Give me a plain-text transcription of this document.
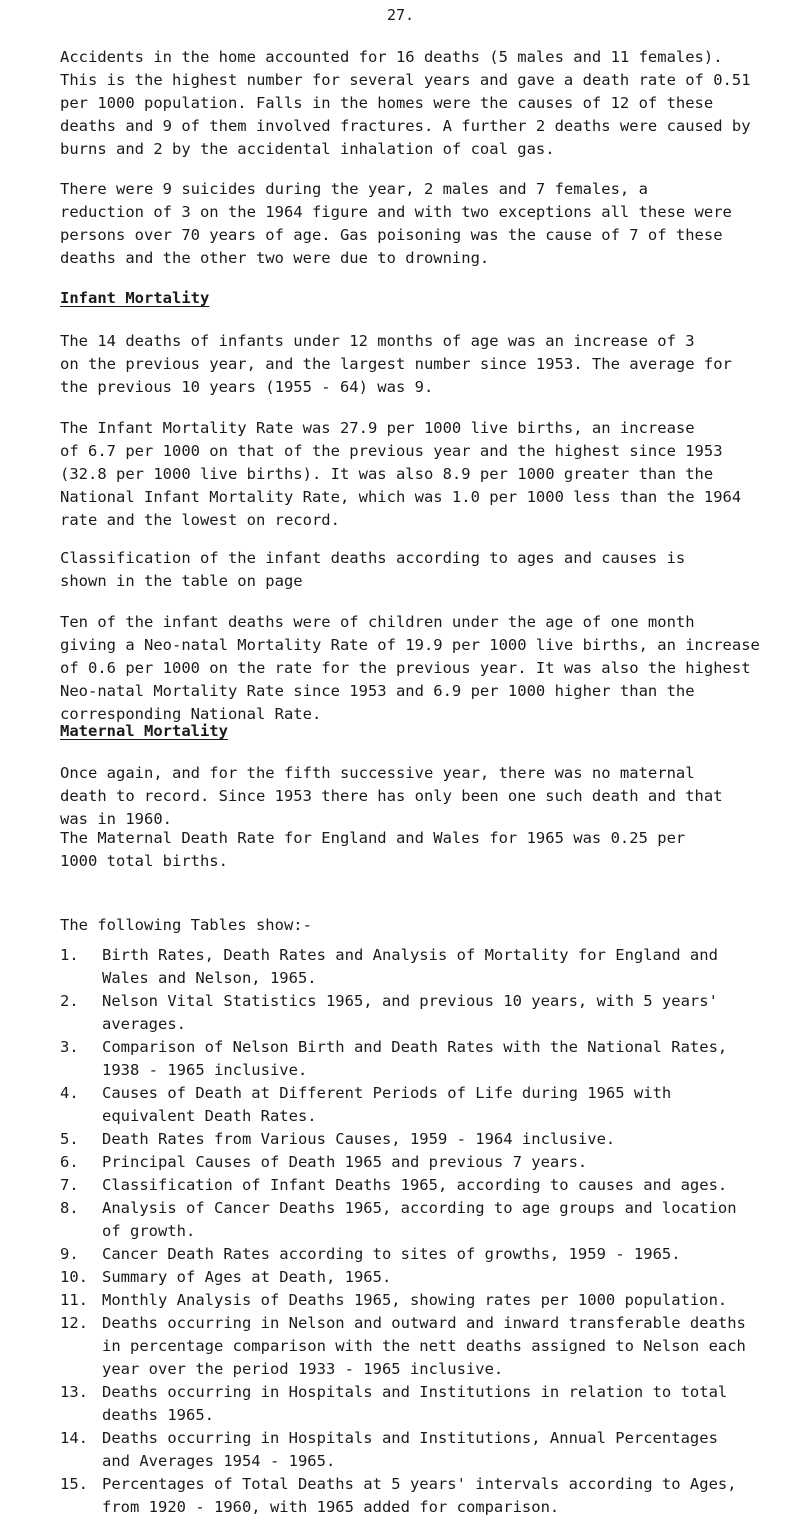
27.

Accidents in the home accounted for 16 deaths (5 males and 11 females).
This is the highest number for several years and gave a death rate of 0.51
per 1000 population. Falls in the homes were the causes of 12 of these
deaths and 9 of them involved fractures. A further 2 deaths were caused by
burns and 2 by the accidental inhalation of coal gas.

There were 9 suicides during the year, 2 males and 7 females, a
reduction of 3 on the 1964 figure and with two exceptions all these were
persons over 70 years of age. Gas poisoning was the cause of 7 of these
deaths and the other two were due to drowning.

Infant Mortality

The 14 deaths of infants under 12 months of age was an increase of 3
on the previous year, and the largest number since 1953. The average for
the previous 10 years (1955 - 64) was 9.

The Infant Mortality Rate was 27.9 per 1000 live births, an increase
of 6.7 per 1000 on that of the previous year and the highest since 1953
(32.8 per 1000 live births). It was also 8.9 per 1000 greater than the
National Infant Mortality Rate, which was 1.0 per 1000 less than the 1964
rate and the lowest on record.

Classification of the infant deaths according to ages and causes is
shown in the table on page

Ten of the infant deaths were of children under the age of one month
giving a Neo-natal Mortality Rate of 19.9 per 1000 live births, an increase
of 0.6 per 1000 on the rate for the previous year. It was also the highest
Neo-natal Mortality Rate since 1953 and 6.9 per 1000 higher than the
corresponding National Rate.

Maternal Mortality

Once again, and for the fifth successive year, there was no maternal
death to record. Since 1953 there has only been one such death and that
was in 1960.

The Maternal Death Rate for England and Wales for 1965 was 0.25 per
1000 total births.

The following Tables show:-

1.	Birth Rates, Death Rates and Analysis of Mortality for England and
Wales and Nelson, 1965.
2.	Nelson Vital Statistics 1965, and previous 10 years, with 5 years'
averages.
3.	Comparison of Nelson Birth and Death Rates with the National Rates,
1938 - 1965 inclusive.
4.	Causes of Death at Different Periods of Life during 1965 with
equivalent Death Rates.
5.	Death Rates from Various Causes, 1959 - 1964 inclusive.
6.	Principal Causes of Death 1965 and previous 7 years.
7.	Classification of Infant Deaths 1965, according to causes and ages.
8.	Analysis of Cancer Deaths 1965, according to age groups and location
of growth.
9.	Cancer Death Rates according to sites of growths, 1959 - 1965.
10. Summary of Ages at Death, 1965.
11. Monthly Analysis of Deaths 1965, showing rates per 1000 population.
12. Deaths occurring in Nelson and outward and inward transferable deaths
in percentage comparison with the nett deaths assigned to Nelson each
year over the period 1933 - 1965 inclusive.
13. Deaths occurring in Hospitals and Institutions in relation to total
deaths 1965.
14. Deaths occurring in Hospitals and Institutions, Annual Percentages
and Averages 1954 - 1965.
15. Percentages of Total Deaths at 5 years' intervals according to Ages,
from 1920 - 1960, with 1965 added for comparison.
